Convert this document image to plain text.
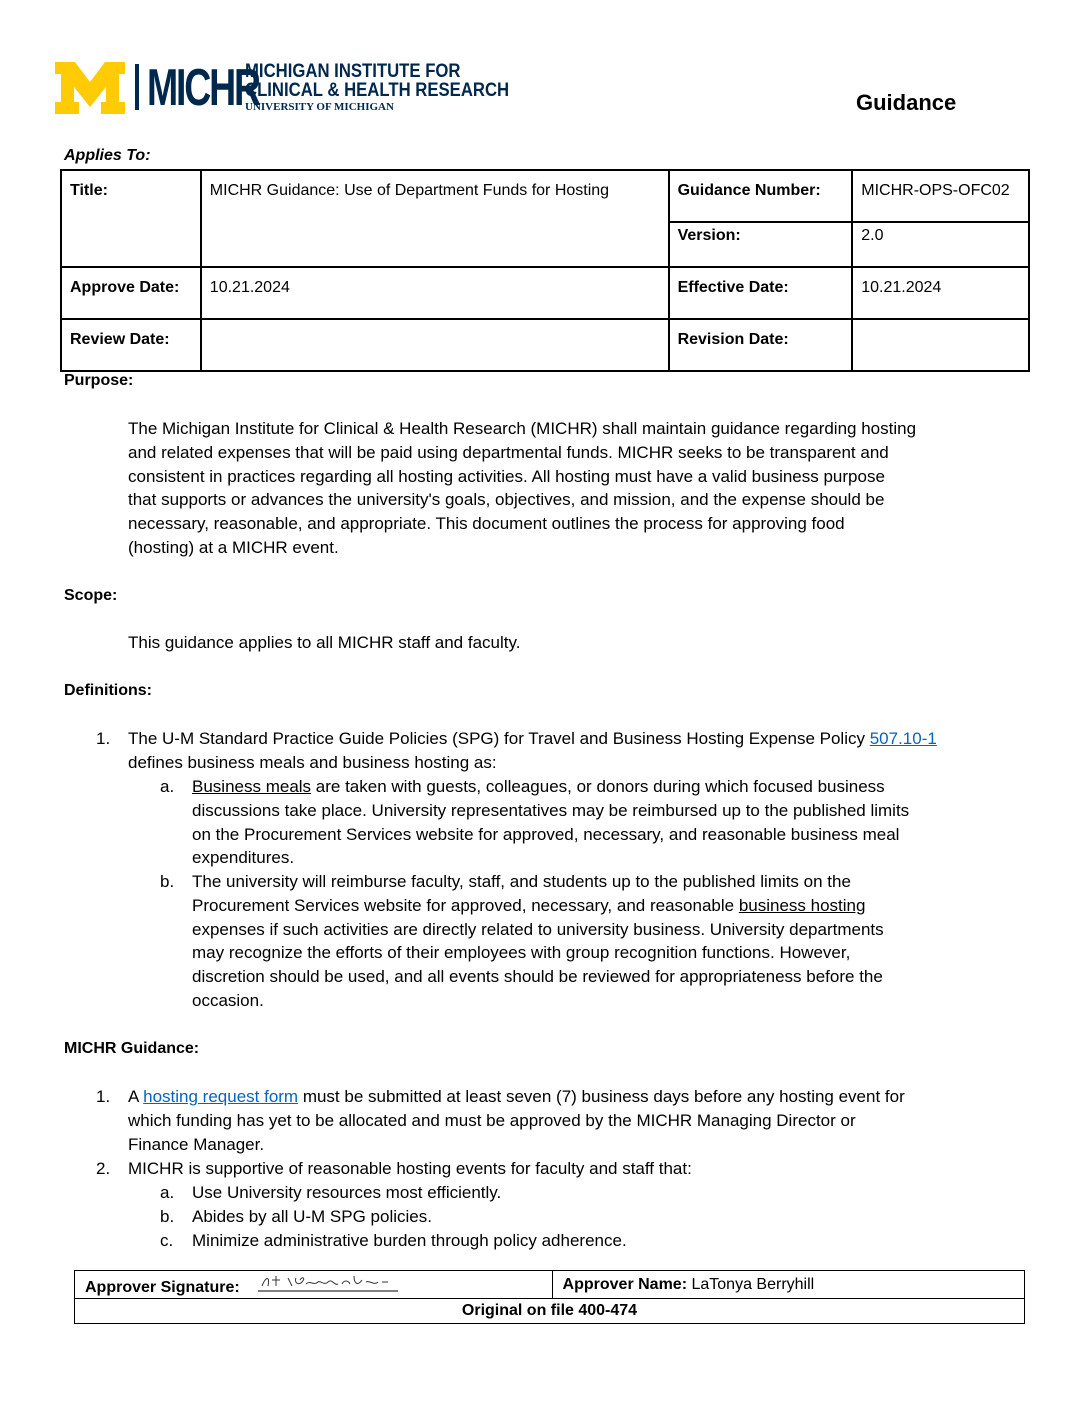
MICHR
MICHIGAN INSTITUTE FOR
CLINICAL & HEALTH RESEARCH
UNIVERSITY OF MICHIGAN	Guidance
Applies To:
Title:	MICHR Guidance: Use of Department Funds for Hosting	Guidance Number:	MICHR-OPS-OFC02
		Version:	2.0
Approve Date:	10.21.2024	Effective Date:	10.21.2024
Review Date:		Revision Date:	
Purpose:
The Michigan Institute for Clinical & Health Research (MICHR) shall maintain guidance regarding hosting
and related expenses that will be paid using departmental funds. MICHR seeks to be transparent and
consistent in practices regarding all hosting activities. All hosting must have a valid business purpose
that supports or advances the university's goals, objectives, and mission, and the expense should be
necessary, reasonable, and appropriate. This document outlines the process for approving food
(hosting) at a MICHR event.
Scope:
This guidance applies to all MICHR staff and faculty.
Definitions:
1. The U-M Standard Practice Guide Policies (SPG) for Travel and Business Hosting Expense Policy 507.10-1
defines business meals and business hosting as:
a. Business meals are taken with guests, colleagues, or donors during which focused business
discussions take place. University representatives may be reimbursed up to the published limits
on the Procurement Services website for approved, necessary, and reasonable business meal
expenditures.
b. The university will reimburse faculty, staff, and students up to the published limits on the
Procurement Services website for approved, necessary, and reasonable business hosting
expenses if such activities are directly related to university business. University departments
may recognize the efforts of their employees with group recognition functions. However,
discretion should be used, and all events should be reviewed for appropriateness before the
occasion.
MICHR Guidance:
1. A hosting request form must be submitted at least seven (7) business days before any hosting event for
which funding has yet to be allocated and must be approved by the MICHR Managing Director or
Finance Manager.
2. MICHR is supportive of reasonable hosting events for faculty and staff that:
a. Use University resources most efficiently.
b. Abides by all U-M SPG policies.
c. Minimize administrative burden through policy adherence.
Approver Signature:	Approver Name: LaTonya Berryhill
Original on file 400-474
